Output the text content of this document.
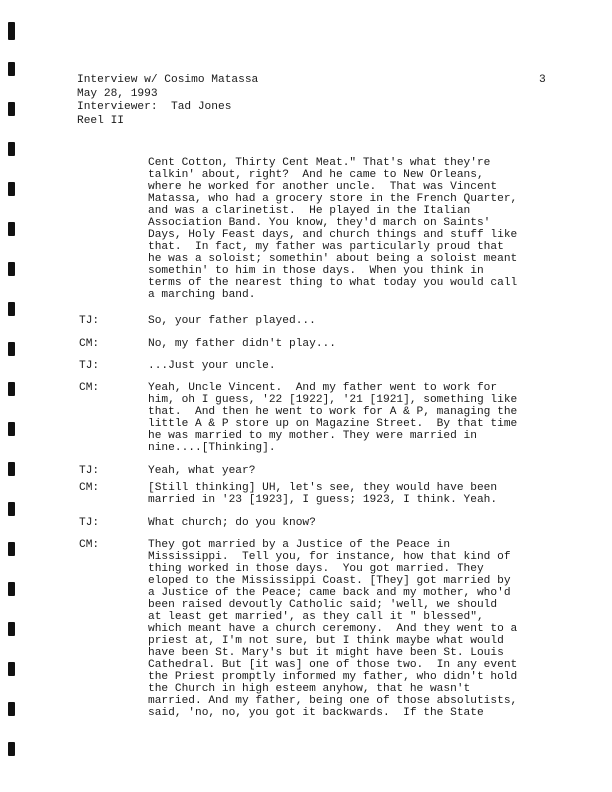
Interview w/ Cosimo Matassa
May 28, 1993
Interviewer:  Tad Jones
Reel II
3
Cent Cotton, Thirty Cent Meat." That's what they're
talkin' about, right?  And he came to New Orleans,
where he worked for another uncle.  That was Vincent
Matassa, who had a grocery store in the French Quarter,
and was a clarinetist.  He played in the Italian
Association Band. You know, they'd march on Saints'
Days, Holy Feast days, and church things and stuff like
that.  In fact, my father was particularly proud that
he was a soloist; somethin' about being a soloist meant
somethin' to him in those days.  When you think in
terms of the nearest thing to what today you would call
a marching band.
TJ:	So, your father played...
CM:	No, my father didn't play...
TJ:	...Just your uncle.
CM:	Yeah, Uncle Vincent.  And my father went to work for
him, oh I guess, '22 [1922], '21 [1921], something like
that.  And then he went to work for A & P, managing the
little A & P store up on Magazine Street.  By that time
he was married to my mother. They were married in
nine....[Thinking].
TJ:	Yeah, what year?
CM:	[Still thinking] UH, let's see, they would have been
married in '23 [1923], I guess; 1923, I think. Yeah.
TJ:	What church; do you know?
CM:	They got married by a Justice of the Peace in
Mississippi.  Tell you, for instance, how that kind of
thing worked in those days.  You got married. They
eloped to the Mississippi Coast. [They] got married by
a Justice of the Peace; came back and my mother, who'd
been raised devoutly Catholic said; 'well, we should
at least get married', as they call it " blessed",
which meant have a church ceremony.  And they went to a
priest at, I'm not sure, but I think maybe what would
have been St. Mary's but it might have been St. Louis
Cathedral. But [it was] one of those two.  In any event
the Priest promptly informed my father, who didn't hold
the Church in high esteem anyhow, that he wasn't
married. And my father, being one of those absolutists,
said, 'no, no, you got it backwards.  If the State
